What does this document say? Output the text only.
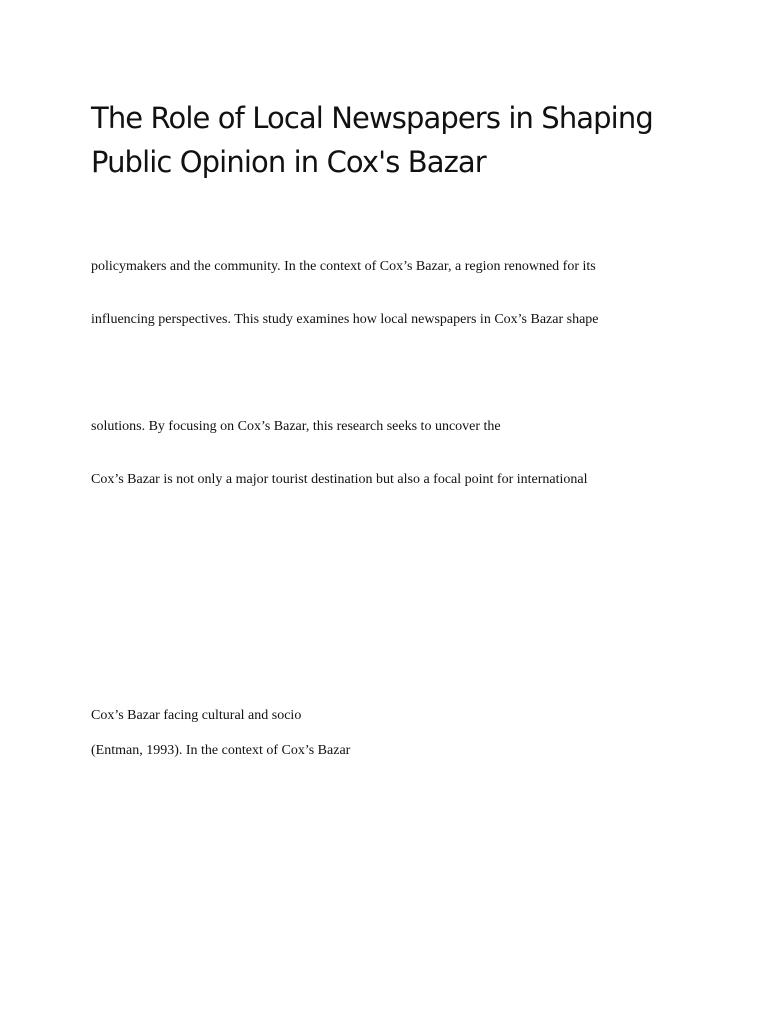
The Role of Local Newspapers in Shaping Public Opinion in Cox's Bazar

policymakers and the community. In the context of Cox’s Bazar, a region renowned for its

influencing perspectives. This study examines how local newspapers in Cox’s Bazar shape

solutions. By focusing on Cox’s Bazar, this research seeks to uncover the

Cox’s Bazar is not only a major tourist destination but also a focal point for international

Cox’s Bazar facing cultural and socio

(Entman, 1993). In the context of Cox’s Bazar
